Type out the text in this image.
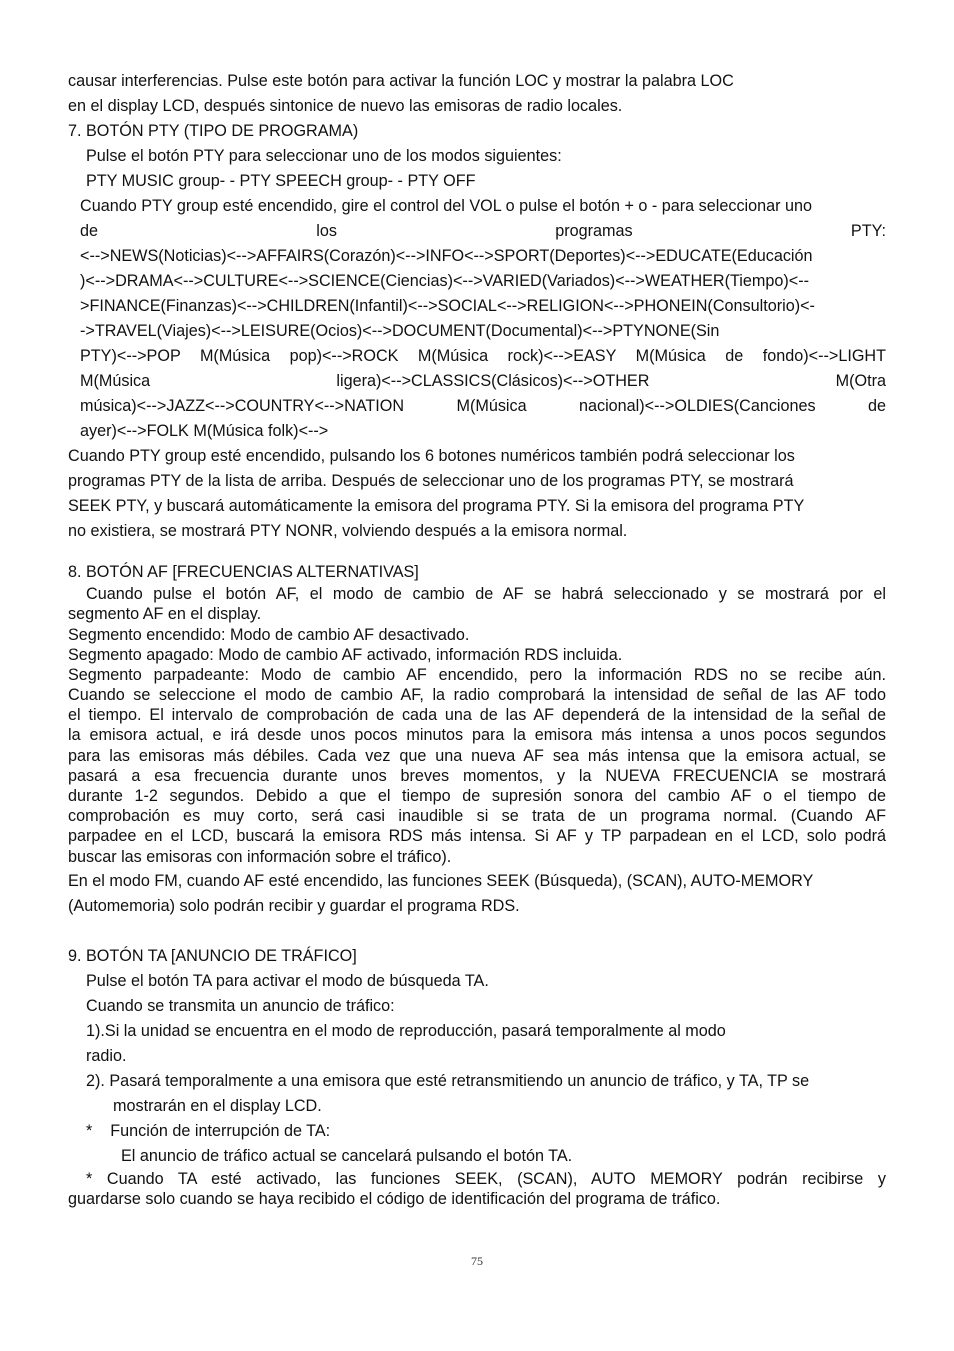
causar interferencias. Pulse este botón para activar la función LOC y mostrar la palabra LOC
en el display LCD, después sintonice de nuevo las emisoras de radio locales.
7. BOTÓN PTY (TIPO DE PROGRAMA)
Pulse el botón PTY para seleccionar uno de los modos siguientes:
PTY MUSIC group- - PTY SPEECH group- - PTY OFF
Cuando PTY group esté encendido, gire el control del VOL o pulse el botón + o - para seleccionar uno
de los programas PTY:
<-->NEWS(Noticias)<-->AFFAIRS(Corazón)<-->INFO<-->SPORT(Deportes)<-->EDUCATE(Educación
)<-->DRAMA<-->CULTURE<-->SCIENCE(Ciencias)<-->VARIED(Variados)<-->WEATHER(Tiempo)<--
>FINANCE(Finanzas)<-->CHILDREN(Infantil)<-->SOCIAL<-->RELIGION<-->PHONEIN(Consultorio)<-
->TRAVEL(Viajes)<-->LEISURE(Ocios)<-->DOCUMENT(Documental)<-->PTYNONE(Sin
PTY)<-->POP M(Música pop)<-->ROCK M(Música rock)<-->EASY M(Música de fondo)<-->LIGHT
M(Música ligera)<-->CLASSICS(Clásicos)<-->OTHER M(Otra
música)<-->JAZZ<-->COUNTRY<-->NATION M(Música nacional)<-->OLDIES(Canciones de
ayer)<-->FOLK M(Música folk)<-->
Cuando PTY group esté encendido, pulsando los 6 botones numéricos también podrá seleccionar los
programas PTY de la lista de arriba. Después de seleccionar uno de los programas PTY, se mostrará
SEEK PTY, y buscará automáticamente la emisora del programa PTY. Si la emisora del programa PTY
no existiera, se mostrará PTY NONR, volviendo después a la emisora normal.
8. BOTÓN AF [FRECUENCIAS ALTERNATIVAS]
Cuando pulse el botón AF, el modo de cambio de AF se habrá seleccionado y se mostrará por el
segmento AF en el display.
Segmento encendido: Modo de cambio AF desactivado.
Segmento apagado: Modo de cambio AF activado, información RDS incluida.
Segmento parpadeante: Modo de cambio AF encendido, pero la información RDS no se recibe aún.
Cuando se seleccione el modo de cambio AF, la radio comprobará la intensidad de señal de las AF todo
el tiempo. El intervalo de comprobación de cada una de las AF dependerá de la intensidad de la señal de
la emisora actual, e irá desde unos pocos minutos para la emisora más intensa a unos pocos segundos
para las emisoras más débiles. Cada vez que una nueva AF sea más intensa que la emisora actual, se
pasará a esa frecuencia durante unos breves momentos, y la NUEVA FRECUENCIA se mostrará
durante 1-2 segundos. Debido a que el tiempo de supresión sonora del cambio AF o el tiempo de
comprobación es muy corto, será casi inaudible si se trata de un programa normal. (Cuando AF
parpadee en el LCD, buscará la emisora RDS más intensa. Si AF y TP parpadean en el LCD, solo podrá
buscar las emisoras con información sobre el tráfico).
En el modo FM, cuando AF esté encendido, las funciones SEEK (Búsqueda), (SCAN), AUTO-MEMORY
(Automemoria) solo podrán recibir y guardar el programa RDS.
9. BOTÓN TA [ANUNCIO DE TRÁFICO]
Pulse el botón TA para activar el modo de búsqueda TA.
Cuando se transmita un anuncio de tráfico:
1).Si la unidad se encuentra en el modo de reproducción, pasará temporalmente al modo
radio.
2). Pasará temporalmente a una emisora que esté retransmitiendo un anuncio de tráfico, y TA, TP se
mostrarán en el display LCD.
*    Función de interrupción de TA:
El anuncio de tráfico actual se cancelará pulsando el botón TA.
* Cuando TA esté activado, las funciones SEEK, (SCAN), AUTO MEMORY podrán recibirse y
guardarse solo cuando se haya recibido el código de identificación del programa de tráfico.
75
